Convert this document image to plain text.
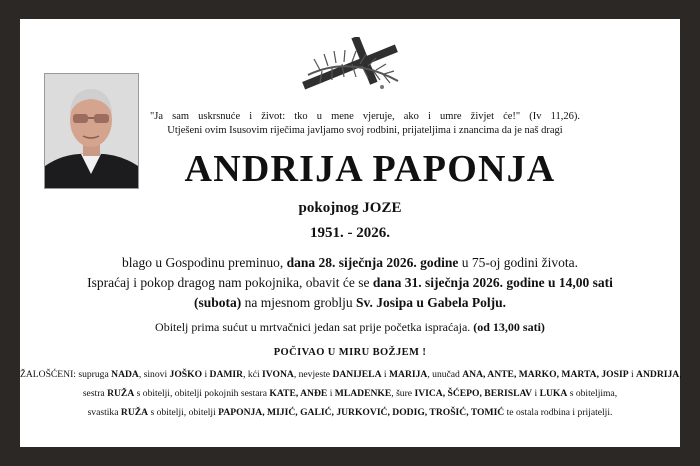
"Ja sam uskrsnuće i život: tko u mene vjeruje, ako i umre živjet će!" (Iv 11,26).
Utješeni ovim Isusovim riječima javljamo svoj rodbini, prijateljima i znancima da je naš dragi
ANDRIJA PAPONJA
pokojnog JOZE
1951. - 2026.
blago u Gospodinu preminuo, dana 28. siječnja 2026. godine u 75-oj godini života.
Ispraćaj i pokop dragog nam pokojnika, obavit će se dana 31. siječnja 2026. godine u 14,00 sati
(subota) na mjesnom groblju Sv. Josipa u Gabela Polju.
Obitelj prima sućut u mrtvačnici jedan sat prije početka ispraćaja. (od 13,00 sati)
POČIVAO U MIRU BOŽJEM !
ŽALOŠĆENI: supruga NADA, sinovi JOŠKO i DAMIR, kći IVONA, nevjeste DANIJELA i MARIJA, unučad ANA, ANTE, MARKO, MARTA, JOSIP i ANDRIJA,
sestra RUŽA s obitelji, obitelji pokojnih sestara KATE, ANĐE i MLADENKE, šure IVICA, ŠĆEPO, BERISLAV i LUKA s obiteljima,
svastika RUŽA s obitelji, obitelji PAPONJA, MIJIĆ, GALIĆ, JURKOVIĆ, DODIG, TROŠIĆ, TOMIĆ te ostala rodbina i prijatelji.
